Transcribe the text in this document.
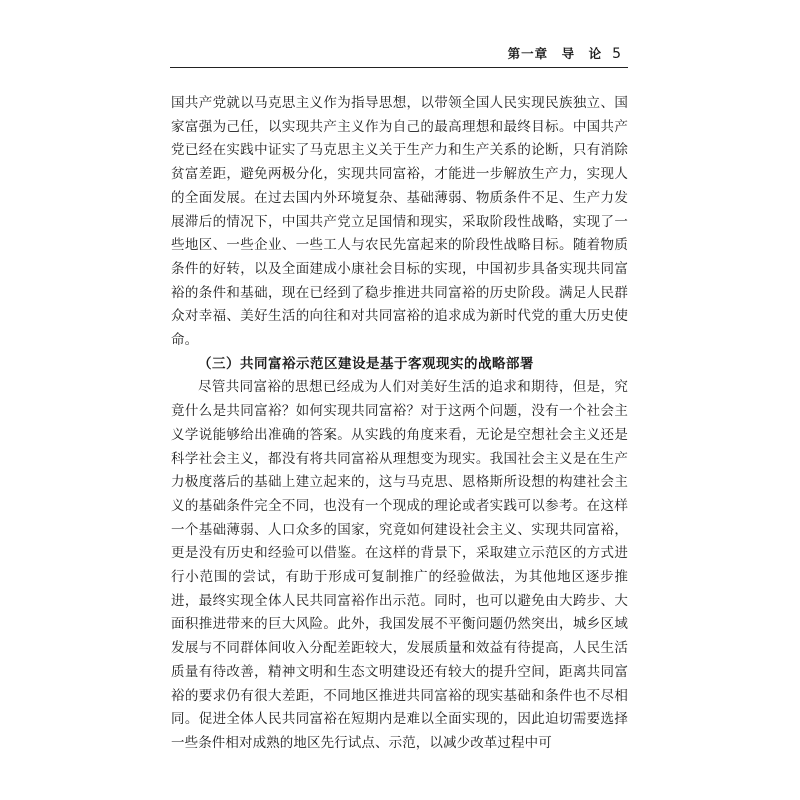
第一章　导　论 5

国共产党就以马克思主义作为指导思想，以带领全国人民实现民族独立、国家富强为己任，以实现共产主义作为自己的最高理想和最终目标。中国共产党已经在实践中证实了马克思主义关于生产力和生产关系的论断，只有消除贫富差距，避免两极分化，实现共同富裕，才能进一步解放生产力，实现人的全面发展。在过去国内外环境复杂、基础薄弱、物质条件不足、生产力发展滞后的情况下，中国共产党立足国情和现实，采取阶段性战略，实现了一些地区、一些企业、一些工人与农民先富起来的阶段性战略目标。随着物质条件的好转，以及全面建成小康社会目标的实现，中国初步具备实现共同富裕的条件和基础，现在已经到了稳步推进共同富裕的历史阶段。满足人民群众对幸福、美好生活的向往和对共同富裕的追求成为新时代党的重大历史使命。

（三）共同富裕示范区建设是基于客观现实的战略部署

尽管共同富裕的思想已经成为人们对美好生活的追求和期待，但是，究竟什么是共同富裕？如何实现共同富裕？对于这两个问题，没有一个社会主义学说能够给出准确的答案。从实践的角度来看，无论是空想社会主义还是科学社会主义，都没有将共同富裕从理想变为现实。我国社会主义是在生产力极度落后的基础上建立起来的，这与马克思、恩格斯所设想的构建社会主义的基础条件完全不同，也没有一个现成的理论或者实践可以参考。在这样一个基础薄弱、人口众多的国家，究竟如何建设社会主义、实现共同富裕，更是没有历史和经验可以借鉴。在这样的背景下，采取建立示范区的方式进行小范围的尝试，有助于形成可复制推广的经验做法，为其他地区逐步推进，最终实现全体人民共同富裕作出示范。同时，也可以避免由大跨步、大面积推进带来的巨大风险。此外，我国发展不平衡问题仍然突出，城乡区域发展与不同群体间收入分配差距较大，发展质量和效益有待提高，人民生活质量有待改善，精神文明和生态文明建设还有较大的提升空间，距离共同富裕的要求仍有很大差距，不同地区推进共同富裕的现实基础和条件也不尽相同。促进全体人民共同富裕在短期内是难以全面实现的，因此迫切需要选择一些条件相对成熟的地区先行试点、示范，以减少改革过程中可
